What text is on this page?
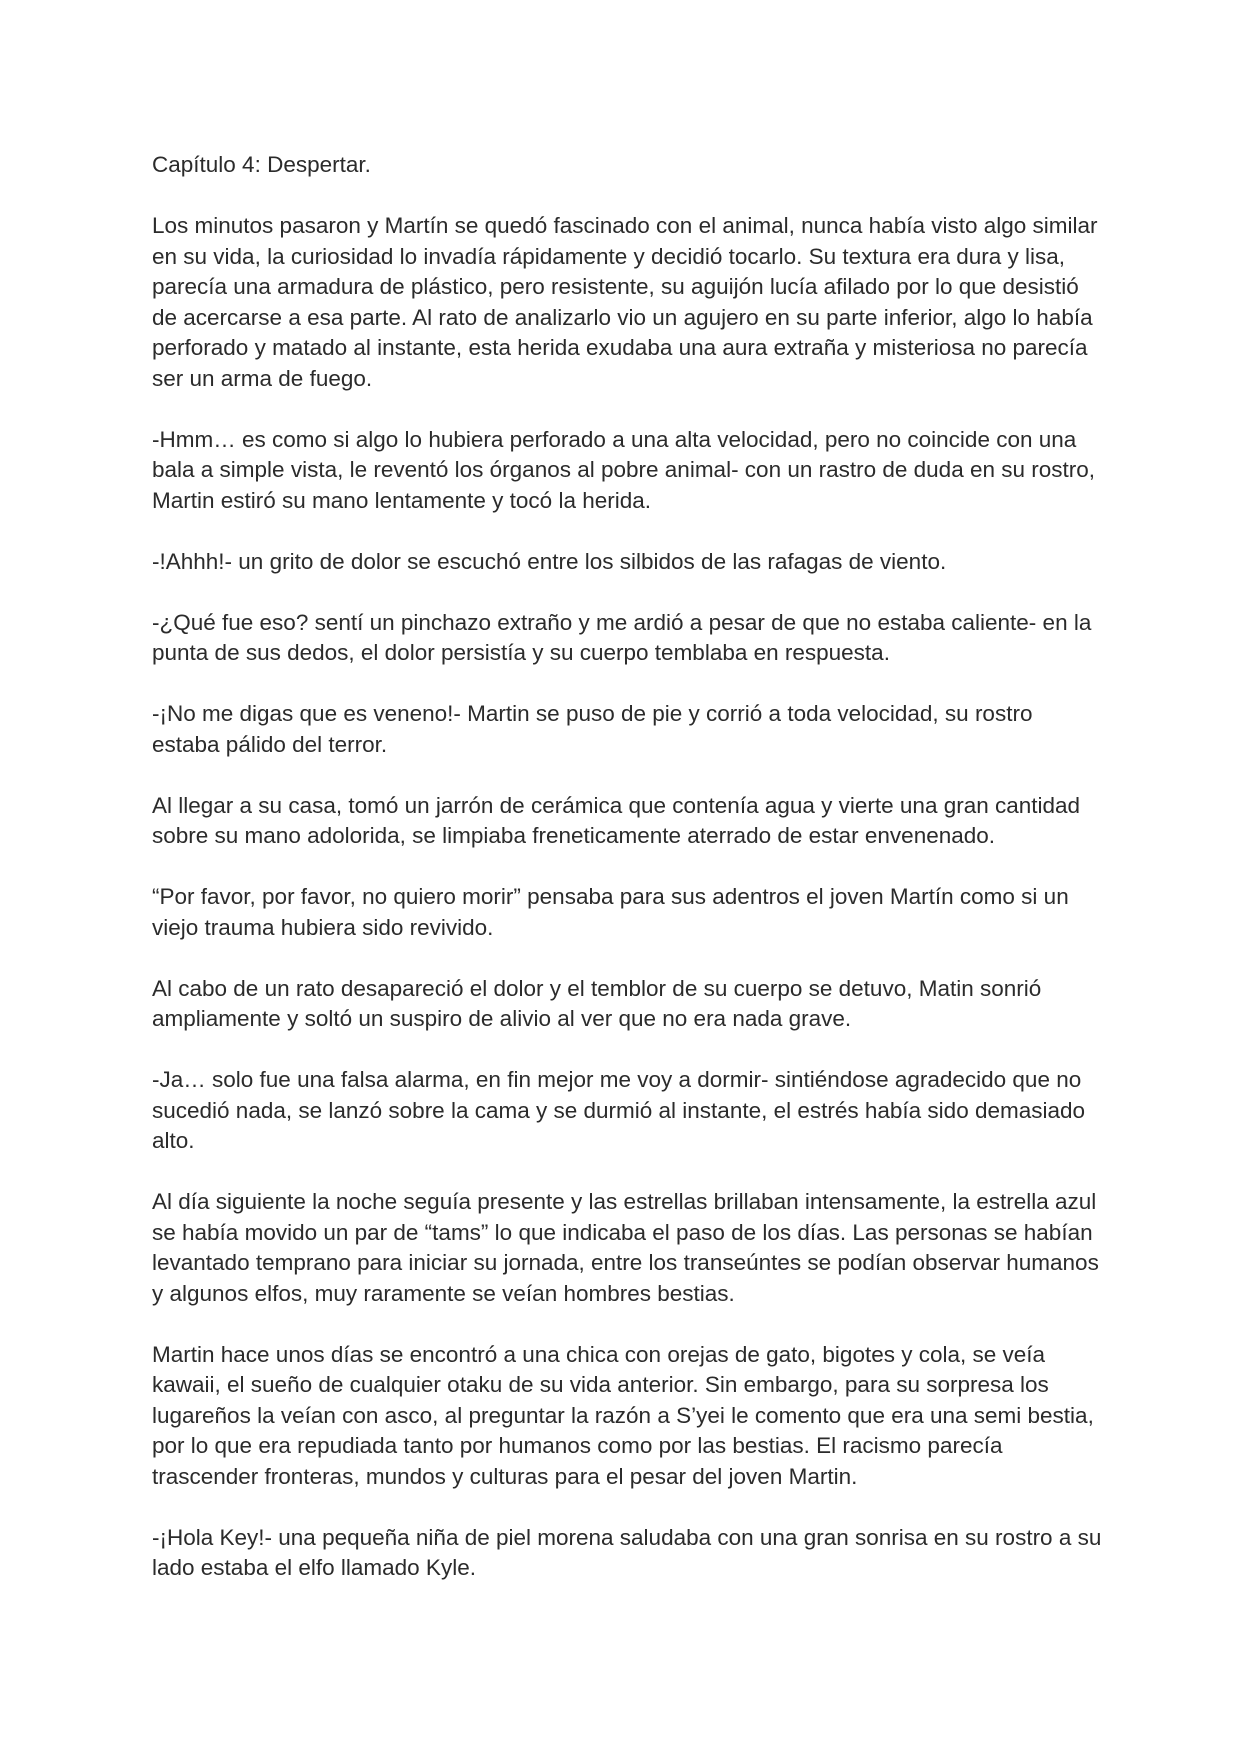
Capítulo 4: Despertar.

Los minutos pasaron y Martín se quedó fascinado con el animal, nunca había visto algo similar en su vida, la curiosidad lo invadía rápidamente y decidió tocarlo. Su textura era dura y lisa, parecía una armadura de plástico, pero resistente, su aguijón lucía afilado por lo que desistió de acercarse a esa parte. Al rato de analizarlo vio un agujero en su parte inferior, algo lo había perforado y matado al instante, esta herida exudaba una aura extraña y misteriosa no parecía ser un arma de fuego.

-Hmm… es como si algo lo hubiera perforado a una alta velocidad, pero no coincide con una bala a simple vista, le reventó los órganos al pobre animal- con un rastro de duda en su rostro, Martin estiró su mano lentamente y tocó la herida.

-!Ahhh!- un grito de dolor se escuchó entre los silbidos de las rafagas de viento.

-¿Qué fue eso? sentí un pinchazo extraño y me ardió a pesar de que no estaba caliente- en la punta de sus dedos, el dolor persistía y su cuerpo temblaba en respuesta.

-¡No me digas que es veneno!- Martin se puso de pie y corrió a toda velocidad, su rostro estaba pálido del terror.

Al llegar a su casa, tomó un jarrón de cerámica que contenía agua y vierte una gran cantidad sobre su mano adolorida, se limpiaba freneticamente aterrado de estar envenenado.

“Por favor, por favor, no quiero morir” pensaba para sus adentros el joven Martín como si un viejo trauma hubiera sido revivido.

Al cabo de un rato desapareció el dolor y el temblor de su cuerpo se detuvo, Matin sonrió ampliamente y soltó un suspiro de alivio al ver que no era nada grave.

-Ja… solo fue una falsa alarma, en fin mejor me voy a dormir- sintiéndose agradecido que no sucedió nada, se lanzó sobre la cama y se durmió al instante, el estrés había sido demasiado alto.

Al día siguiente la noche seguía presente y las estrellas brillaban intensamente, la estrella azul se había movido un par de “tams” lo que indicaba el paso de los días. Las personas se habían levantado temprano para iniciar su jornada, entre los transeúntes se podían observar humanos y algunos elfos, muy raramente se veían hombres bestias.

Martin hace unos días se encontró a una chica con orejas de gato, bigotes y cola, se veía kawaii, el sueño de cualquier otaku de su vida anterior. Sin embargo, para su sorpresa los lugareños la veían con asco, al preguntar la razón a S’yei le comento que era una semi bestia, por lo que era repudiada tanto por humanos como por las bestias. El racismo parecía trascender fronteras, mundos y culturas para el pesar del joven Martin.

-¡Hola Key!- una pequeña niña de piel morena saludaba con una gran sonrisa en su rostro a su lado estaba el elfo llamado Kyle.
